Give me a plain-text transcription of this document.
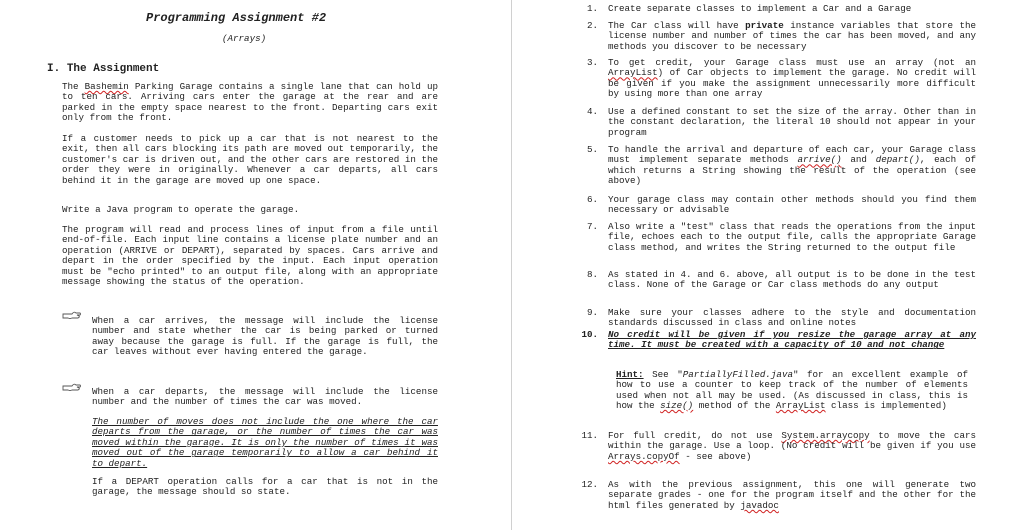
Programming Assignment #2
(Arrays)
I. The Assignment
The Bashemin Parking Garage contains a single lane that can hold up to ten cars. Arriving cars enter the garage at the rear and are parked in the empty space nearest to the front. Departing cars exit only from the front.
If a customer needs to pick up a car that is not nearest to the exit, then all cars blocking its path are moved out temporarily, the customer's car is driven out, and the other cars are restored in the order they were in originally. Whenever a car departs, all cars behind it in the garage are moved up one space.
Write a Java program to operate the garage.
The program will read and process lines of input from a file until end-of-file. Each input line contains a license plate number and an operation (ARRIVE or DEPART), separated by spaces. Cars arrive and depart in the order specified by the input. Each input operation must be "echo printed" to an output file, along with an appropriate message showing the status of the operation.
When a car arrives, the message will include the license number and state whether the car is being parked or turned away because the garage is full. If the garage is full, the car leaves without ever having entered the garage.
When a car departs, the message will include the license number and the number of times the car was moved.
The number of moves does not include the one where the car departs from the garage, or the number of times the car was moved within the garage. It is only the number of times it was moved out of the garage temporarily to allow a car behind it to depart.
If a DEPART operation calls for a car that is not in the garage, the message should so state.
1. Create separate classes to implement a Car and a Garage
2. The Car class will have private instance variables that store the license number and number of times the car has been moved, and any methods you discover to be necessary
3. To get credit, your Garage class must use an array (not an ArrayList) of Car objects to implement the garage. No credit will be given if you make the assignment unnecessarily more difficult by using more than one array
4. Use a defined constant to set the size of the array. Other than in the constant declaration, the literal 10 should not appear in your program
5. To handle the arrival and departure of each car, your Garage class must implement separate methods arrive() and depart(), each of which returns a String showing the result of the operation (see above)
6. Your garage class may contain other methods should you find them necessary or advisable
7. Also write a "test" class that reads the operations from the input file, echoes each to the output file, calls the appropriate Garage class method, and writes the String returned to the output file
8. As stated in 4. and 6. above, all output is to be done in the test class. None of the Garage or Car class methods do any output
9. Make sure your classes adhere to the style and documentation standards discussed in class and online notes
10. No credit will be given if you resize the garage array at any time. It must be created with a capacity of 10 and not change
Hint: See "PartiallyFilled.java" for an excellent example of how to use a counter to keep track of the number of elements used when not all may be used. (As discussed in class, this is how the size() method of the ArrayList class is implemented)
11. For full credit, do not use System.arraycopy to move the cars within the garage. Use a loop. (No credit will be given if you use Arrays.copyOf - see above)
12. As with the previous assignment, this one will generate two separate grades - one for the program itself and the other for the html files generated by javadoc
